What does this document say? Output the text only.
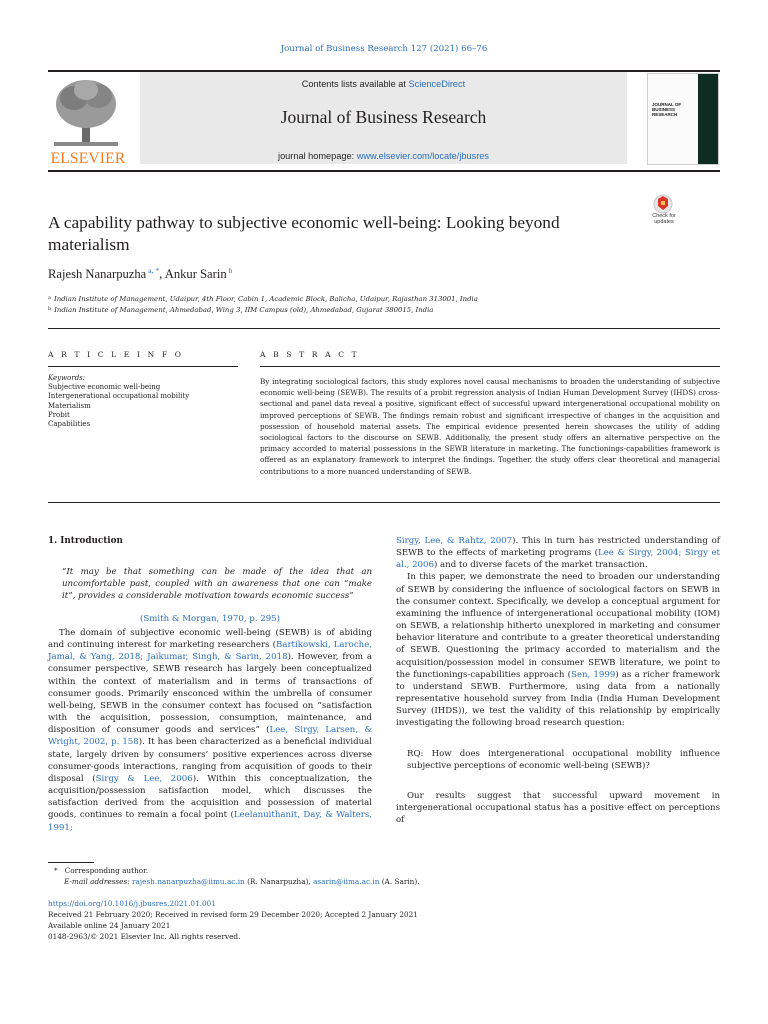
Journal of Business Research 127 (2021) 66–76
ELSEVIER
Contents lists available at ScienceDirect
Journal of Business Research
journal homepage: www.elsevier.com/locate/jbusres
JOURNAL OF BUSINESS RESEARCH
Check for updates
A capability pathway to subjective economic well-being: Looking beyond materialism
Rajesh Nanarpuzha $^{a, *}$, Ankur Sarin $^b$
$^a$ Indian Institute of Management, Udaipur, 4th Floor, Cabin 1, Academic Block, Balicha, Udaipur, Rajasthan 313001, India
$^b$ Indian Institute of Management, Ahmedabad, Wing 3, IIM Campus (old), Ahmedabad, Gujarat 380015, India
A R T I C L E I N F O	A B S T R A C T
Keywords:
Subjective economic well-being
Intergenerational occupational mobility
Materialism
Probit
Capabilities
By integrating sociological factors, this study explores novel causal mechanisms to broaden the understanding of subjective economic well-being (SEWB). The results of a probit regression analysis of Indian Human Development Survey (IHDS) cross-sectional and panel data reveal a positive, significant effect of successful upward intergenerational occupational mobility on improved perceptions of SEWB. The findings remain robust and significant irrespective of changes in the acquisition and possession of household material assets. The empirical evidence presented herein showcases the utility of adding sociological factors to the discourse on SEWB. Additionally, the present study offers an alternative perspective on the primacy accorded to material possessions in the SEWB literature in marketing. The functionings-capabilities framework is offered as an explanatory framework to interpret the findings. Together, the study offers clear theoretical and managerial contributions to a more nuanced understanding of SEWB.
1. Introduction
“It may be that something can be made of the idea that an uncomfortable past, coupled with an awareness that one can “make it”, provides a considerable motivation towards economic success”
(Smith & Morgan, 1970, p. 295)

The domain of subjective economic well-being (SEWB) is of abiding and continuing interest for marketing researchers (Bartikowski, Laroche, Jamal, & Yang, 2018; Jaikumar, Singh, & Sarin, 2018). However, from a consumer perspective, SEWB research has largely been conceptualized within the context of materialism and in terms of transactions of consumer goods. Primarily ensconced within the umbrella of consumer well-being, SEWB in the consumer context has focused on “satisfaction with the acquisition, possession, consumption, maintenance, and disposition of consumer goods and services” (Lee, Sirgy, Larsen, & Wright, 2002, p. 158). It has been characterized as a beneficial individual state, largely driven by consumers’ positive experiences across diverse consumer-goods interactions, ranging from acquisition of goods to their disposal (Sirgy & Lee, 2006). Within this conceptualization, the acquisition/possession satisfaction model, which discusses the satisfaction derived from the acquisition and possession of material goods, continues to remain a focal point (Leelanuithanit, Day, & Walters, 1991;

Sirgy, Lee, & Rahtz, 2007). This in turn has restricted understanding of SEWB to the effects of marketing programs (Lee & Sirgy, 2004; Sirgy et al., 2006) and to diverse facets of the market transaction.

In this paper, we demonstrate the need to broaden our understanding of SEWB by considering the influence of sociological factors on SEWB in the consumer context. Specifically, we develop a conceptual argument for examining the influence of intergenerational occupational mobility (IOM) on SEWB, a relationship hitherto unexplored in marketing and consumer behavior literature and contribute to a greater theoretical understanding of SEWB. Questioning the primacy accorded to materialism and the acquisition/possession model in consumer SEWB literature, we point to the functionings-capabilities approach (Sen, 1999) as a richer framework to understand SEWB. Furthermore, using data from a nationally representative household survey from India (India Human Development Survey (IHDS)), we test the validity of this relationship by empirically investigating the following broad research question:

RQ: How does intergenerational occupational mobility influence subjective perceptions of economic well-being (SEWB)?

Our results suggest that successful upward movement in intergenerational occupational status has a positive effect on perceptions of

*   Corresponding author.
E-mail addresses: rajesh.nanarpuzha@iimu.ac.in (R. Nanarpuzha), asarin@iima.ac.in (A. Sarin).
https://doi.org/10.1016/j.jbusres.2021.01.001
Received 21 February 2020; Received in revised form 29 December 2020; Accepted 2 January 2021
Available online 24 January 2021
0148-2963/© 2021 Elsevier Inc. All rights reserved.
